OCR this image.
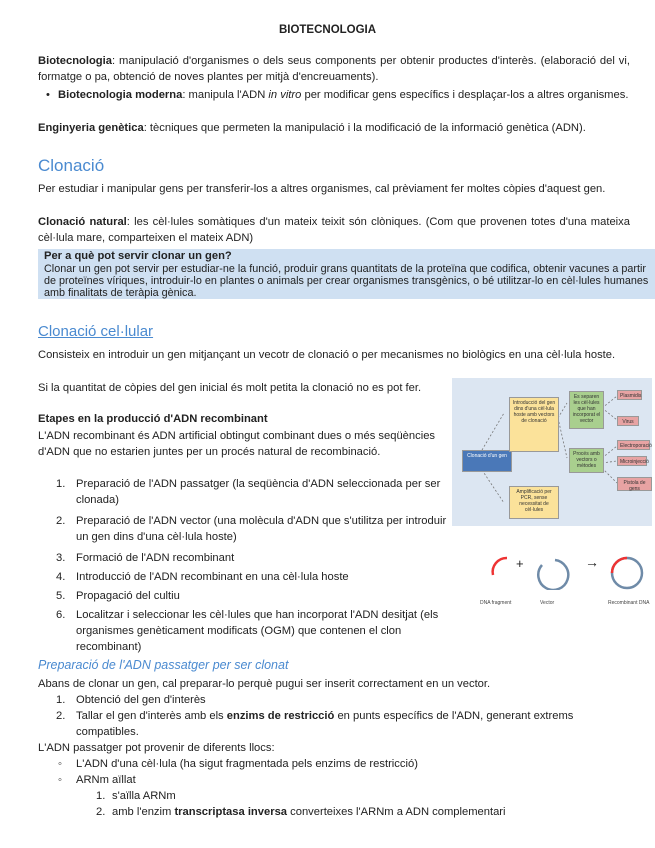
BIOTECNOLOGIA
Biotecnologia: manipulació d'organismes o dels seus components per obtenir productes d'interès. (elaboració del vi, formatge o pa, obtenció de noves plantes per mitjà d'encreuaments).
• Biotecnologia moderna: manipula l'ADN in vitro per modificar gens específics i desplaçar-los a altres organismes.
Enginyeria genètica: tècniques que permeten la manipulació i la modificació de la informació genètica (ADN).
Clonació
Per estudiar i manipular gens per transferir-los a altres organismes, cal prèviament fer moltes còpies d'aquest gen.
Clonació natural: les cèl·lules somàtiques d'un mateix teixit són clòniques. (Com que provenen totes d'una mateixa cèl·lula mare, comparteixen el mateix ADN)
Per a què pot servir clonar un gen?
Clonar un gen pot servir per estudiar-ne la funció, produir grans quantitats de la proteïna que codifica, obtenir vacunes a partir de proteïnes víriques, introduir-lo en plantes o animals per crear organismes transgènics, o bé utilitzar-lo en cèl·lules humanes amb finalitats de teràpia gènica.
Clonació cel·lular
Consisteix en introduir un gen mitjançant un vecotr de clonació o per mecanismes no biològics en una cèl·lula hoste.
Si la quantitat de còpies del gen inicial és molt petita la clonació no es pot fer.
Etapes en la producció d'ADN recombinant
L'ADN recombinant és ADN artificial obtingut combinant dues o més seqüències d'ADN que no estarien juntes per un procés natural de recombinació.
1. Preparació de l'ADN passatger (la seqüència d'ADN seleccionada per ser clonada)
2. Preparació de l'ADN vector (una molècula d'ADN que s'utilitza per introduir un gen dins d'una cèl·lula hoste)
3. Formació de l'ADN recombinant
4. Introducció de l'ADN recombinant en una cèl·lula hoste
5. Propagació del cultiu
6. Localitzar i seleccionar les cèl·lules que han incorporat l'ADN desitjat (els organismes genèticament modificats (OGM) que contenen el clon recombinant)
Clonació d'un gen
Introducció del gen dins d'una cèl·lula hoste amb vectors de clonació
Amplificació per PCR, sense necessitat de cèl·lules
Es separen les cèl·lules que han incorporat el vector
Procés amb vectors o mètodes
Plasmidis
Virus
Electroporació
Microinjecció
Pistola de gens
+	→
DNA fragment	Vector	Recombinant DNA
Preparació de l'ADN passatger per ser clonat
Abans de clonar un gen, cal preparar-lo perquè pugui ser inserit correctament en un vector.
1. Obtenció del gen d'interès
2. Tallar el gen d'interès amb els enzims de restricció en punts específics de l'ADN, generant extrems compatibles.
L'ADN passatger pot provenir de diferents llocs:
◦ L'ADN d'una cèl·lula (ha sigut fragmentada pels enzims de restricció)
◦ ARNm aïllat
1. s'aïlla ARNm
2. amb l'enzim transcriptasa inversa converteixes l'ARNm a ADN complementari
